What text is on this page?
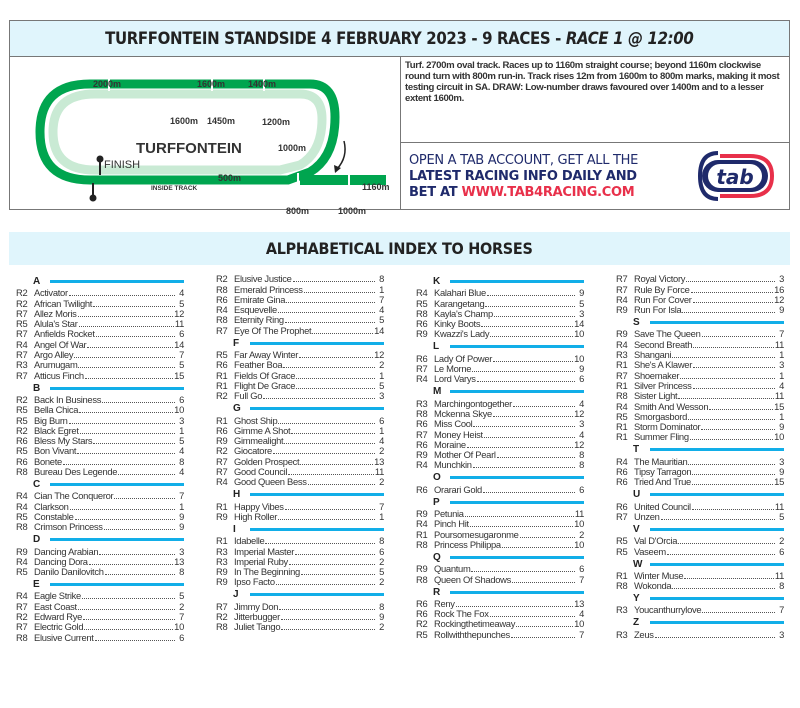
TURFFONTEIN STANDSIDE 4 FEBRUARY 2023 - 9 RACES - RACE 1 @ 12:00
2000m	1600m	1400m
1600m 1450m	1200m
TURFFONTEIN	1000m
FINISH
500m
INSIDE TRACK
STANDSIDE TRACK
1160m
800m	1000m

Turf. 2700m oval track. Races up to 1160m straight course; beyond 1160m clockwise round turn with 800m run-in. Track rises 12m from 1600m to 800m marks, making it most testing circuit in SA. DRAW: Low-number draws favoured over 1400m and to a lesser extent 1600m.

OPEN A TAB ACCOUNT, GET ALL THE
LATEST RACING INFO DAILY AND
BET AT WWW.TAB4RACING.COM
tab
ALPHABETICAL INDEX TO HORSES
A
R2 Activator	4
R2 African Twilight	5
R7 Allez Moris	12
R5 Alula's Star	11
R7 Anfields Rocket	6
R4 Angel Of War	14
R7 Argo Alley	7
R3 Arumugam	5
R7 Atticus Finch	15
B
R2 Back In Business	6
R5 Bella Chica	10
R5 Big Burn	3
R2 Black Egret	1
R6 Bless My Stars	5
R5 Bon Vivant	4
R6 Bonete	8
R8 Bureau Des Legende	4
C
R4 Cian The Conqueror	7
R4 Clarkson	1
R5 Constable	9
R8 Crimson Princess	9
D
R9 Dancing Arabian	3
R4 Dancing Dora	13
R5 Danilo Danilovitch	8
E
R4 Eagle Strike	5
R7 East Coast	2
R2 Edward Rye	7
R7 Electric Gold	10
R8 Elusive Current	6
R2 Elusive Justice	8
R8 Emerald Princess	1
R6 Emirate Gina	7
R4 Esquevelle	4
R8 Eternity Ring	5
R7 Eye Of The Prophet	14
F
R5 Far Away Winter	12
R6 Feather Boa	2
R1 Fields Of Grace	1
R1 Flight De Grace	5
R2 Full Go	3
G
R1 Ghost Ship	6
R6 Gimme A Shot	1
R9 Gimmealight	4
R2 Giocatore	2
R7 Golden Prospect	13
R7 Good Council	11
R4 Good Queen Bess	2
H
R1 Happy Vibes	7
R9 High Roller	1
I
R1 Idabelle	8
R3 Imperial Master	6
R3 Imperial Ruby	2
R9 In The Beginning	5
R9 Ipso Facto	2
J
R7 Jimmy Don	8
R2 Jitterbugger	9
R8 Juliet Tango	2
K
R4 Kalahari Blue	9
R5 Karangetang	5
R8 Kayla's Champ	3
R6 Kinky Boots	14
R9 Kwazzi's Lady	10
L
R6 Lady Of Power	10
R7 Le Morne	9
R4 Lord Varys	6
M
R3 Marchingontogether	4
R8 Mckenna Skye	12
R6 Miss Cool	3
R7 Money Heist	4
R6 Moraine	12
R9 Mother Of Pearl	8
R4 Munchkin	8
O
R6 Orarari Gold	6
P
R9 Petunia	11
R4 Pinch Hit	10
R1 Poursomesugaronme	2
R8 Princess Philippa	10
Q
R9 Quantum	6
R8 Queen Of Shadows	7
R
R6 Reny	13
R6 Rock The Fox	4
R2 Rockingthetimeaway	10
R5 Rollwiththepunches	7
R7 Royal Victory	3
R7 Rule By Force	16
R4 Run For Cover	12
R9 Run For Isla	9
S
R9 Save The Queen	7
R4 Second Breath	11
R3 Shangani	1
R1 She's A Klawer	3
R7 Shoemaker	1
R1 Silver Princess	4
R8 Sister Light	11
R4 Smith And Wesson	15
R5 Smorgasbord	1
R1 Storm Dominator	9
R1 Summer Fling	10
T
R4 The Mauritian	3
R6 Tipsy Tarragon	9
R6 Tried And True	15
U
R6 United Council	11
R7 Unzen	5
V
R5 Val D'Orcia	2
R5 Vaseem	6
W
R1 Winter Muse	11
R8 Wokonda	8
Y
R3 Youcanthurrylove	7
Z
R3 Zeus	3
